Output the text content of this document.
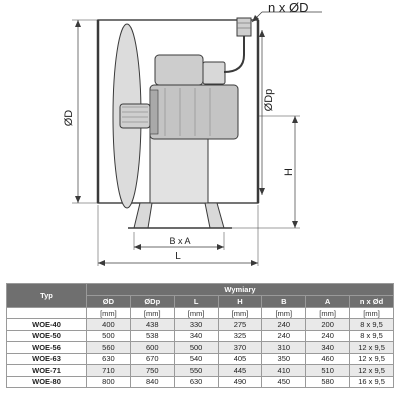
ØD
ØDp
H
B x A
L
n x ØD
Typ	Wymiary						
	ØD	ØDp	L	H	B	A	n x Ød
	[mm]	[mm]	[mm]	[mm]	[mm]	[mm]	[mm]
WOE-40	400	438	330	275	240	200	8 x 9,5
WOE-50	500	538	340	325	240	240	8 x 9,5
WOE-56	560	600	500	370	310	340	12 x 9,5
WOE-63	630	670	540	405	350	460	12 x 9,5
WOE-71	710	750	550	445	410	510	12 x 9,5
WOE-80	800	840	630	490	450	580	16 x 9,5
